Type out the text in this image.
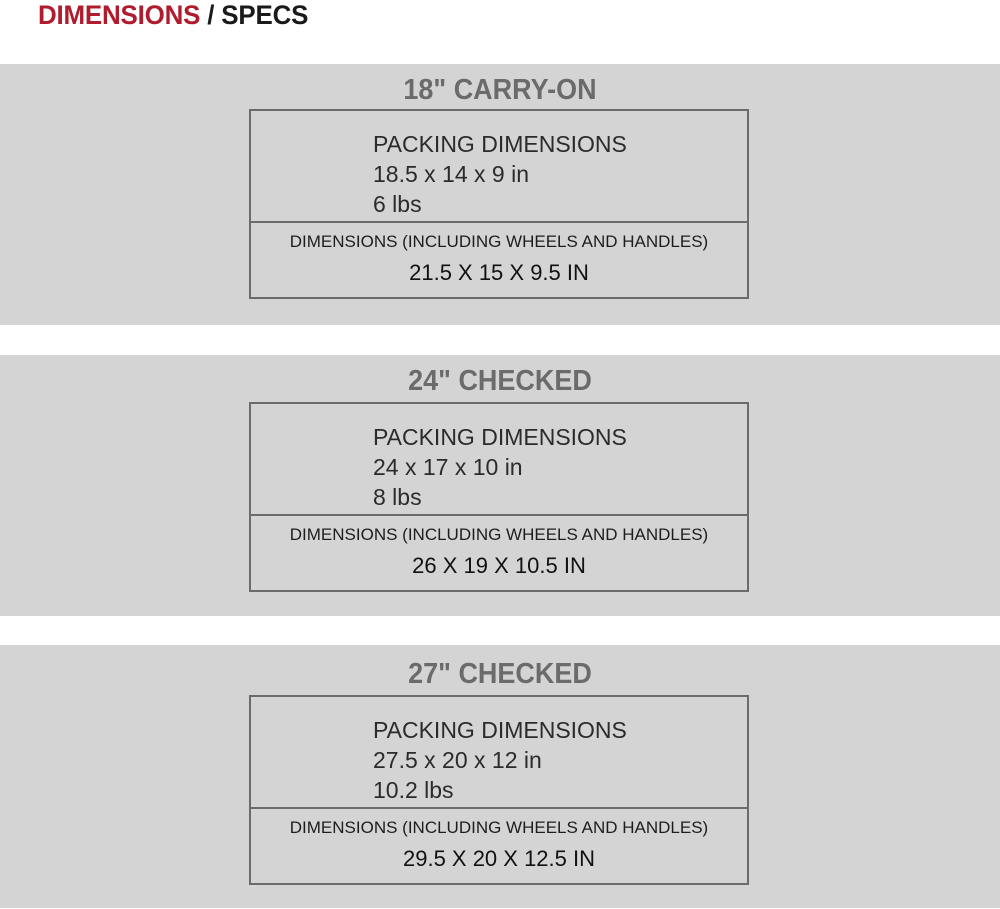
DIMENSIONS / SPECS
18" CARRY-ON
PACKING DIMENSIONS
18.5 x 14 x 9 in
6 lbs
DIMENSIONS (INCLUDING WHEELS AND HANDLES)
21.5 X 15 X 9.5 IN
24" CHECKED
PACKING DIMENSIONS
24 x 17 x 10 in
8 lbs
DIMENSIONS (INCLUDING WHEELS AND HANDLES)
26 X 19 X 10.5 IN
27" CHECKED
PACKING DIMENSIONS
27.5 x 20 x 12 in
10.2 lbs
DIMENSIONS (INCLUDING WHEELS AND HANDLES)
29.5 X 20 X 12.5 IN
